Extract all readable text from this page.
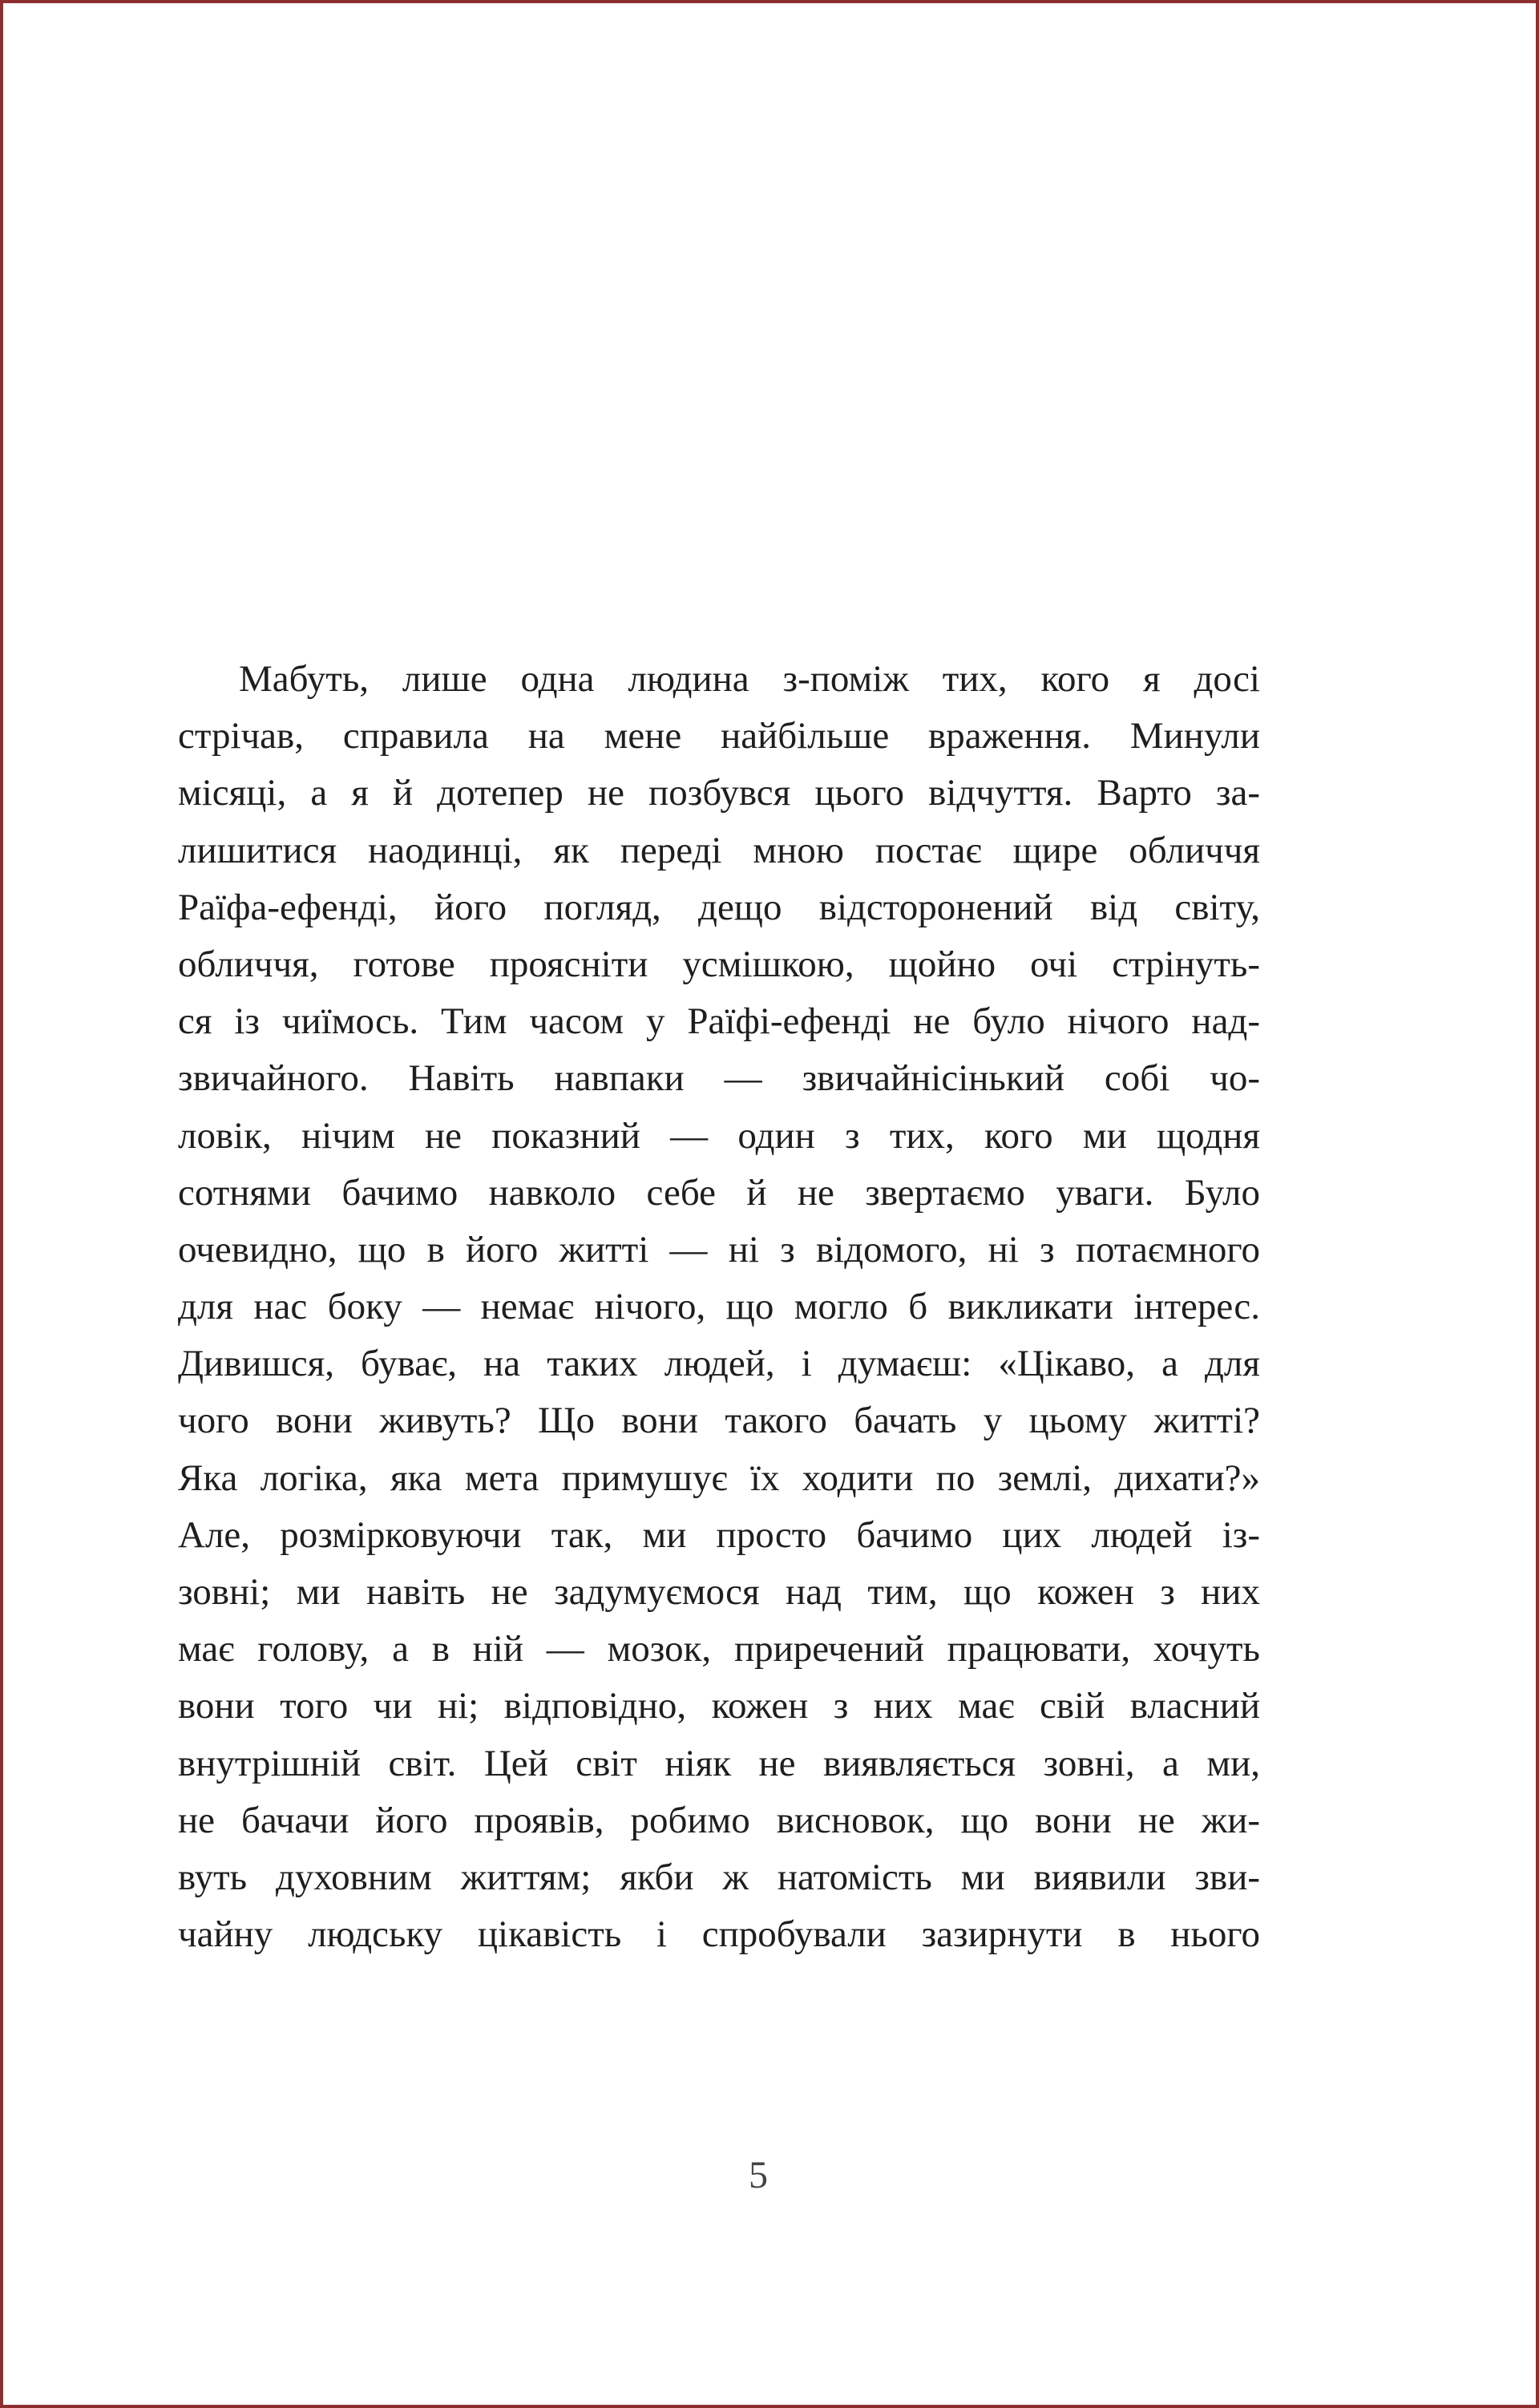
Мабуть, лише одна людина з-поміж тих, кого я досі
стрічав, справила на мене найбільше враження. Минули
місяці, а я й дотепер не позбувся цього відчуття. Варто за-
лишитися наодинці, як переді мною постає щире обличчя
Раїфа-ефенді, його погляд, дещо відсторонений від світу,
обличчя, готове проясніти усмішкою, щойно очі стрінуть-
ся із чиїмось. Тим часом у Раїфі-ефенді не було нічого над-
звичайного. Навіть навпаки — звичайнісінький собі чо-
ловік, нічим не показний — один з тих, кого ми щодня
сотнями бачимо навколо себе й не звертаємо уваги. Було
очевидно, що в його житті — ні з відомого, ні з потаємного
для нас боку — немає нічого, що могло б викликати інтерес.
Дивишся, буває, на таких людей, і думаєш: «Цікаво, а для
чого вони живуть? Що вони такого бачать у цьому житті?
Яка логіка, яка мета примушує їх ходити по землі, дихати?»
Але, розмірковуючи так, ми просто бачимо цих людей із-
зовні; ми навіть не задумуємося над тим, що кожен з них
має голову, а в ній — мозок, приречений працювати, хочуть
вони того чи ні; відповідно, кожен з них має свій власний
внутрішній світ. Цей світ ніяк не виявляється зовні, а ми,
не бачачи його проявів, робимо висновок, що вони не жи-
вуть духовним життям; якби ж натомість ми виявили зви-
чайну людську цікавість і спробували зазирнути в нього
5
